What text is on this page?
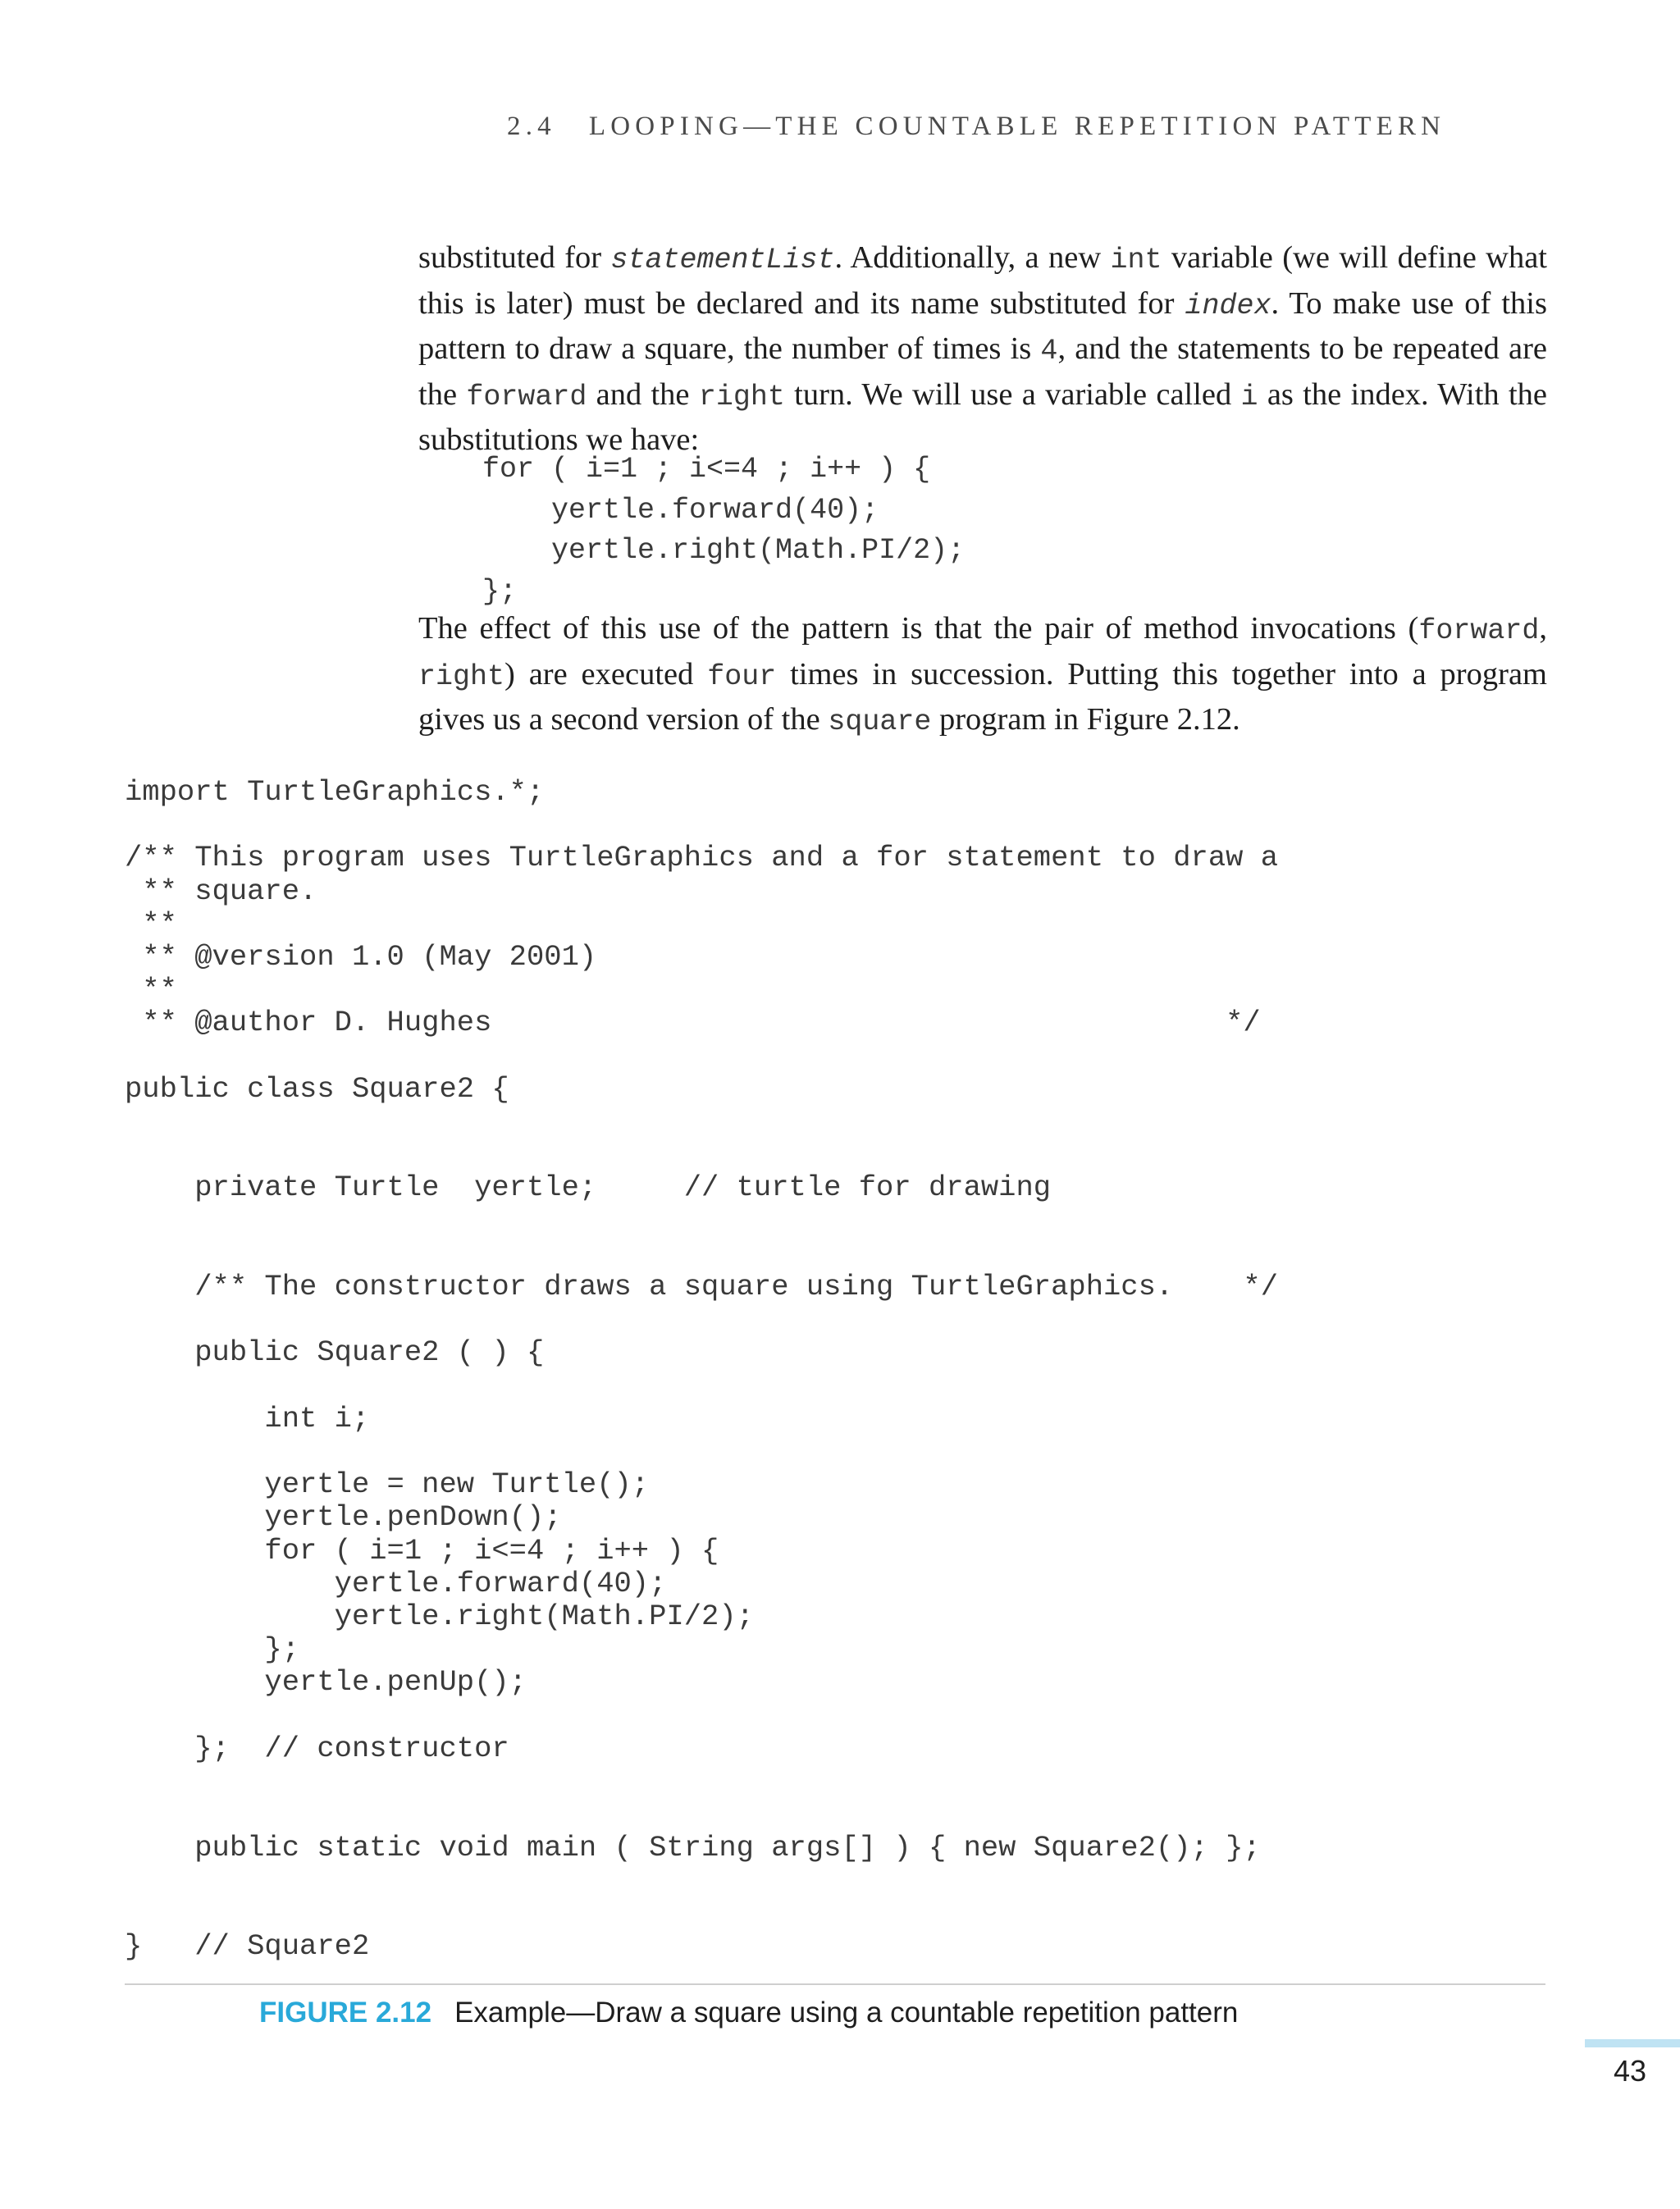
2.4 LOOPING—THE COUNTABLE REPETITION PATTERN
substituted for statementList. Additionally, a new int variable (we will define what this is later) must be declared and its name substituted for index. To make use of this pattern to draw a square, the number of times is 4, and the statements to be repeated are the forward and the right turn. We will use a variable called i as the index. With the substitutions we have:
for ( i=1 ; i<=4 ; i++ ) {
yertle.forward(40);
yertle.right(Math.PI/2);
};
The effect of this use of the pattern is that the pair of method invocations (forward, right) are executed four times in succession. Putting this together into a program gives us a second version of the square program in Figure 2.12.
import TurtleGraphics.*;

/** This program uses TurtleGraphics and a for statement to draw a
** square.
**
** @version 1.0 (May 2001)
**
** @author D. Hughes                                          */

public class Square2 {

private Turtle  yertle;     // turtle for drawing

/** The constructor draws a square using TurtleGraphics.    */

public Square2 ( ) {

int i;

yertle = new Turtle();
yertle.penDown();
for ( i=1 ; i<=4 ; i++ ) {
yertle.forward(40);
yertle.right(Math.PI/2);
};
yertle.penUp();

};  // constructor

public static void main ( String args[] ) { new Square2(); };

}   // Square2
FIGURE 2.12 Example—Draw a square using a countable repetition pattern
43
